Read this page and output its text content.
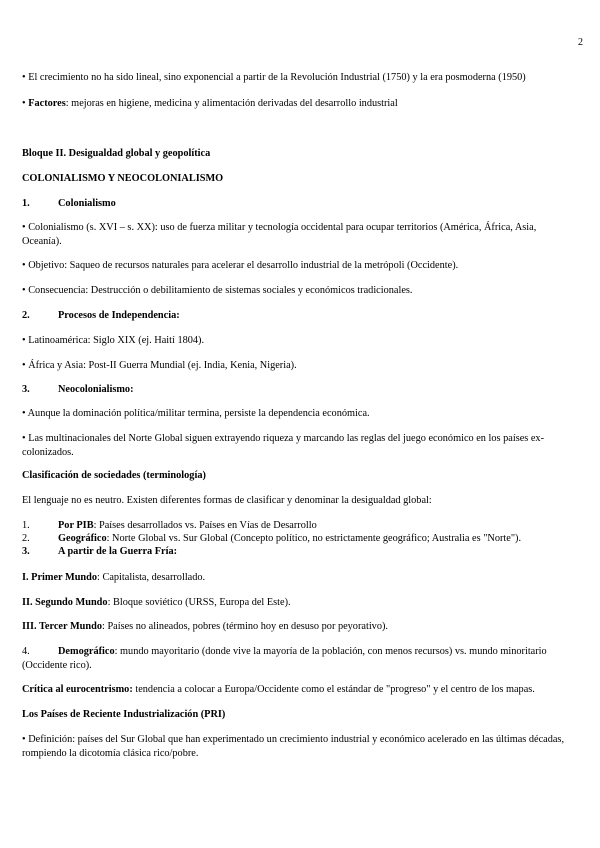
2
• El crecimiento no ha sido lineal, sino exponencial a partir de la Revolución Industrial (1750) y la era posmoderna (1950)
• Factores: mejoras en higiene, medicina y alimentación derivadas del desarrollo industrial
Bloque II. Desigualdad global y geopolítica
COLONIALISMO Y NEOCOLONIALISMO
1.	Colonialismo
• Colonialismo (s. XVI – s. XX): uso de fuerza militar y tecnología occidental para ocupar territorios (América, África, Asia, Oceanía).
• Objetivo: Saqueo de recursos naturales para acelerar el desarrollo industrial de la metrópoli (Occidente).
• Consecuencia: Destrucción o debilitamiento de sistemas sociales y económicos tradicionales.
2.	Procesos de Independencia:
• Latinoamérica: Siglo XIX (ej. Haití 1804).
• África y Asia: Post-II Guerra Mundial (ej. India, Kenia, Nigeria).
3.	Neocolonialismo:
• Aunque la dominación política/militar termina, persiste la dependencia económica.
• Las multinacionales del Norte Global siguen extrayendo riqueza y marcando las reglas del juego económico en los países ex-colonizados.
Clasificación de sociedades (terminología)
El lenguaje no es neutro. Existen diferentes formas de clasificar y denominar la desigualdad global:
1.	Por PIB: Países desarrollados vs. Países en Vías de Desarrollo
2.	Geográfico: Norte Global vs. Sur Global (Concepto político, no estrictamente geográfico; Australia es "Norte").
3.	A partir de la Guerra Fría:
I. Primer Mundo: Capitalista, desarrollado.
II. Segundo Mundo: Bloque soviético (URSS, Europa del Este).
III. Tercer Mundo: Países no alineados, pobres (término hoy en desuso por peyorativo).
4.	Demográfico: mundo mayoritario (donde vive la mayoría de la población, con menos recursos) vs. mundo minoritario (Occidente rico).
Crítica al eurocentrismo: tendencia a colocar a Europa/Occidente como el estándar de "progreso" y el centro de los mapas.
Los Países de Reciente Industrialización (PRI)
• Definición: países del Sur Global que han experimentado un crecimiento industrial y económico acelerado en las últimas décadas, rompiendo la dicotomía clásica rico/pobre.
